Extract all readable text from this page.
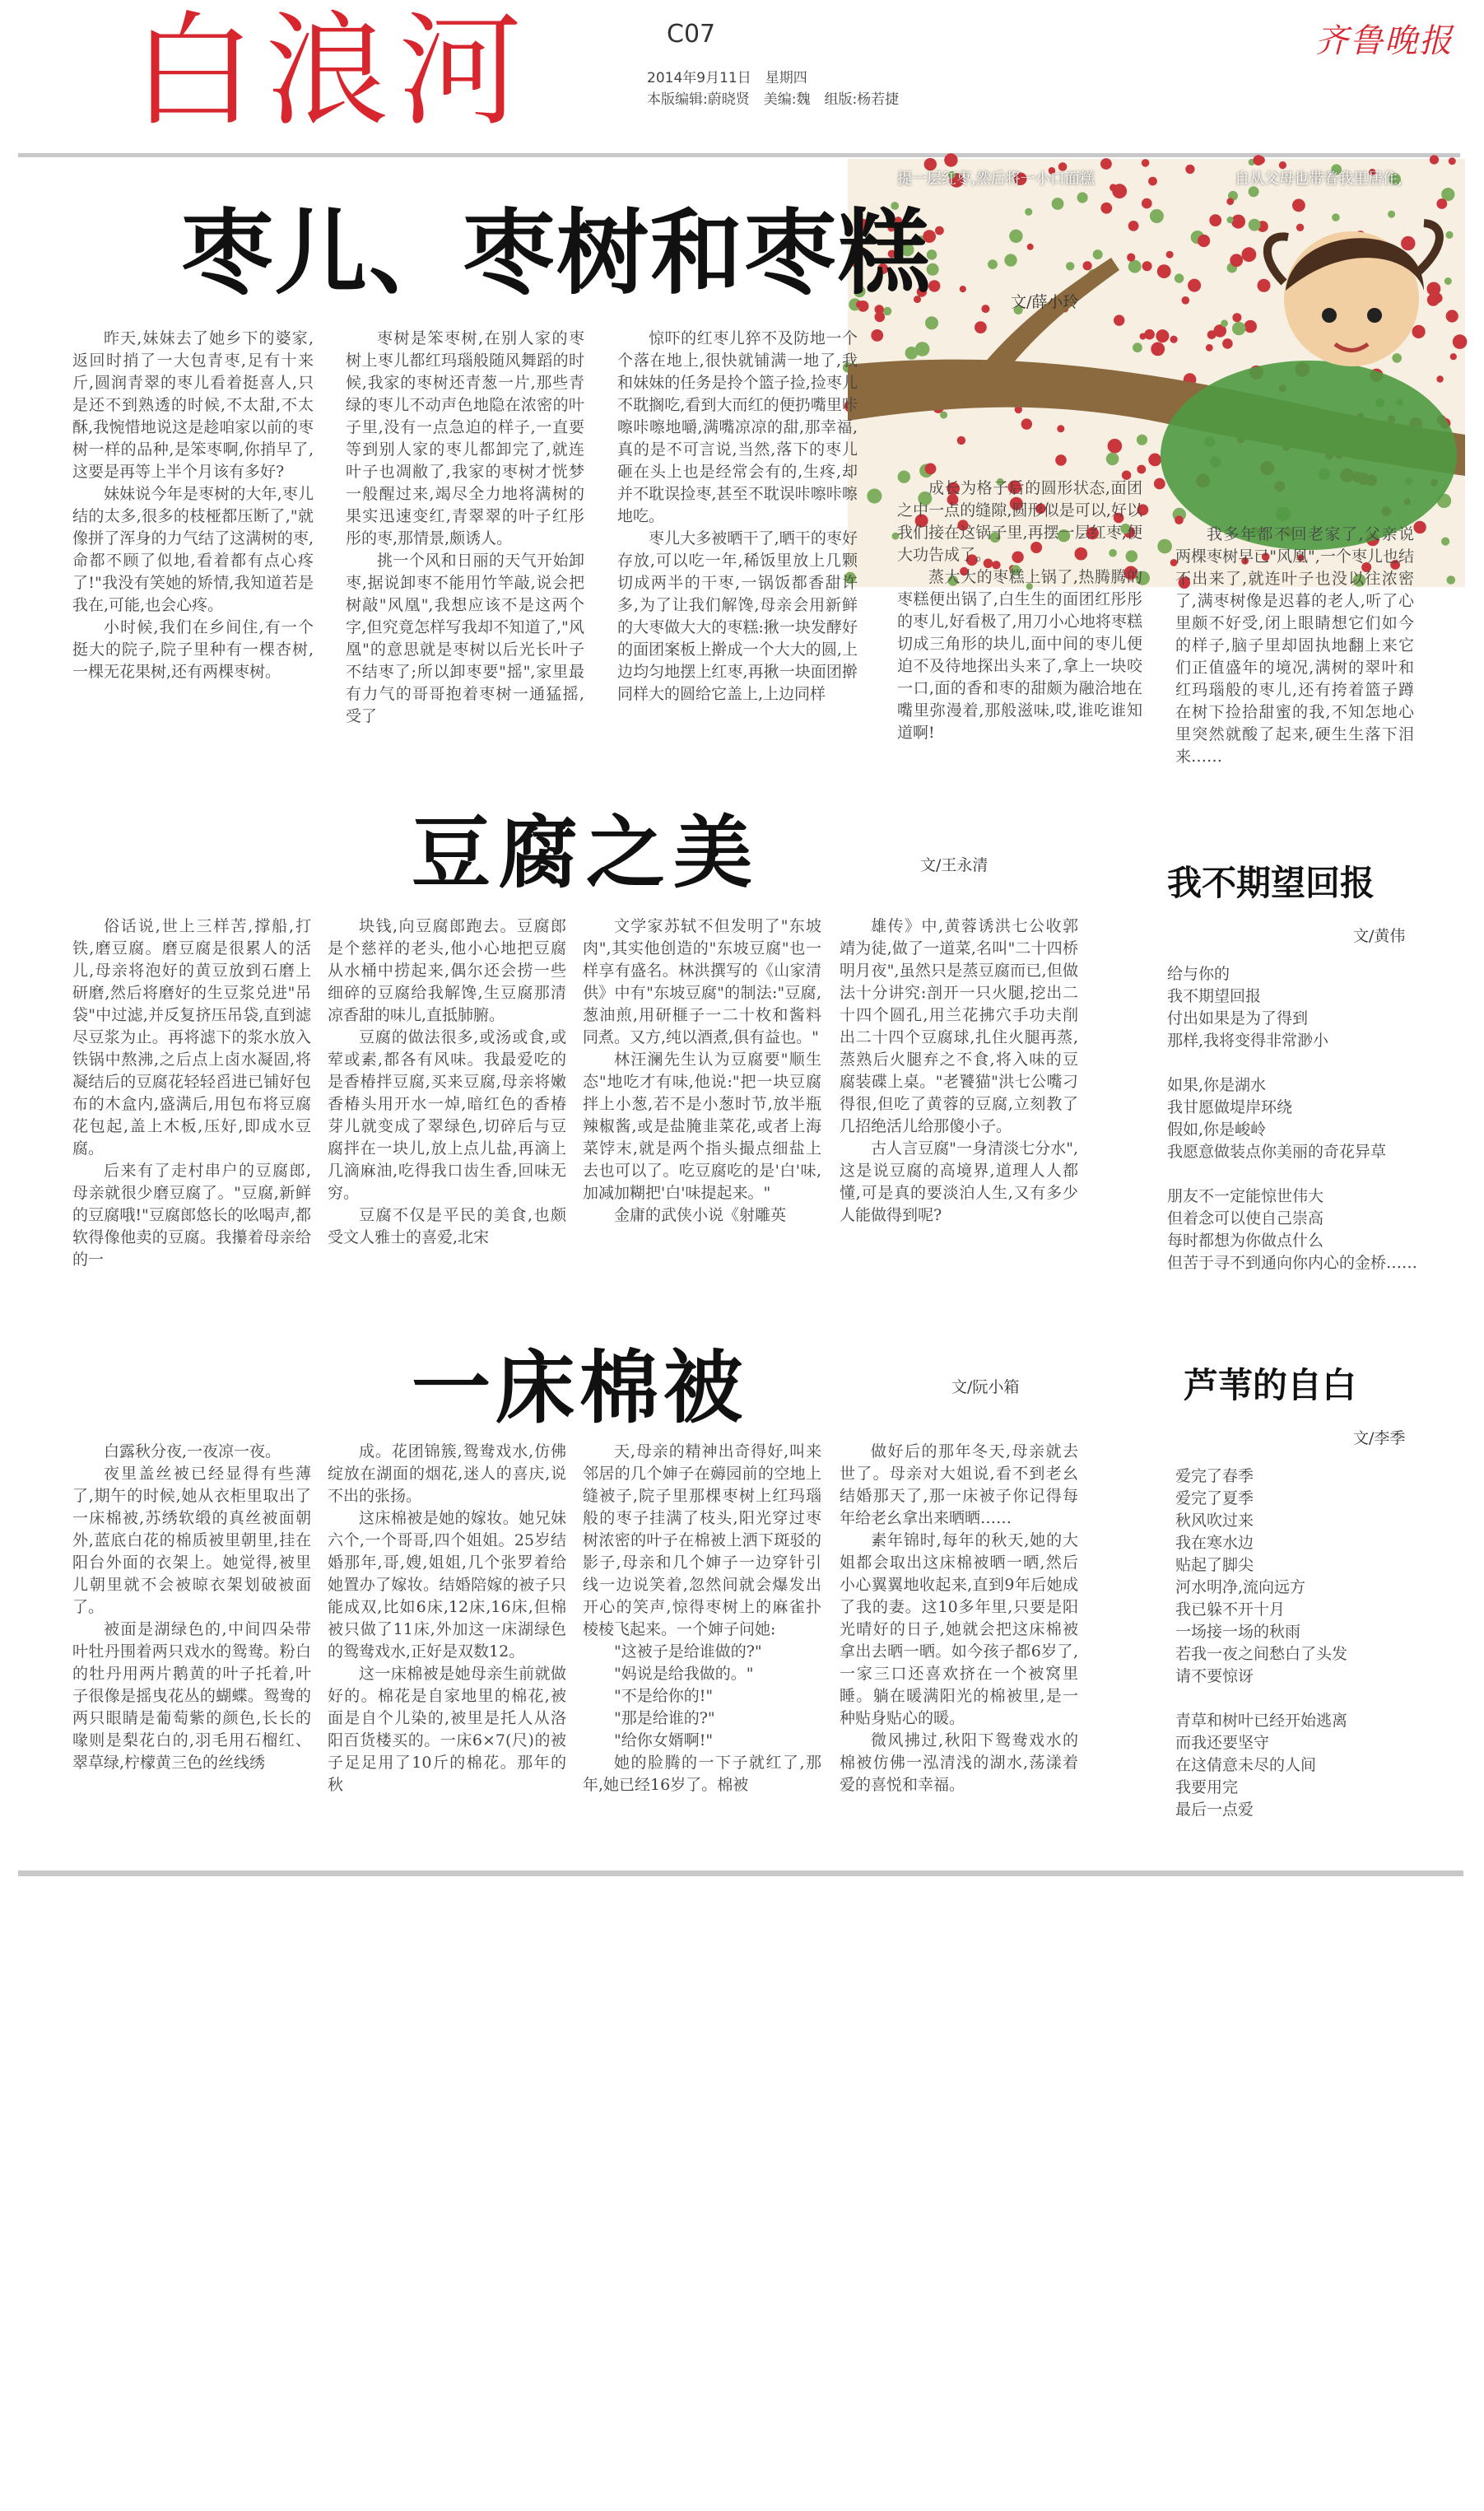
白浪河	C07
2014年9月11日　星期四
本版编辑:蔚晓贤　美编:魏　组版:杨若捷
齐鲁晚报
提一层红枣,然后将一小口面糕	自从父母也带着我里居住,
枣儿、枣树和枣糕	文/薛小玲

昨天,妹妹去了她乡下的婆家,返回时捎了一大包青枣,足有十来斤,圆润青翠的枣儿看着挺喜人,只是还不到熟透的时候,不太甜,不太酥,我惋惜地说这是趁咱家以前的枣树一样的品种,是笨枣啊,你捎早了,这要是再等上半个月该有多好?

妹妹说今年是枣树的大年,枣儿结的太多,很多的枝桠都压断了,"就像拼了浑身的力气结了这满树的枣,命都不顾了似地,看着都有点心疼了!"我没有笑她的矫情,我知道若是我在,可能,也会心疼。

小时候,我们在乡间住,有一个挺大的院子,院子里种有一棵杏树,一棵无花果树,还有两棵枣树。

枣树是笨枣树,在别人家的枣树上枣儿都红玛瑙般随风舞蹈的时候,我家的枣树还青葱一片,那些青绿的枣儿不动声色地隐在浓密的叶子里,没有一点急迫的样子,一直要等到别人家的枣儿都卸完了,就连叶子也凋敝了,我家的枣树才恍梦一般醒过来,竭尽全力地将满树的果实迅速变红,青翠翠的叶子红彤彤的枣,那情景,颇诱人。

挑一个风和日丽的天气开始卸枣,据说卸枣不能用竹竿敲,说会把树敲"风凰",我想应该不是这两个字,但究竟怎样写我却不知道了,"风凰"的意思就是枣树以后光长叶子不结枣了;所以卸枣要"摇",家里最有力气的哥哥抱着枣树一通猛摇,受了

惊吓的红枣儿猝不及防地一个个落在地上,很快就铺满一地了,我和妹妹的任务是拎个篮子捡,捡枣儿不耽搁吃,看到大而红的便扔嘴里咔嚓咔嚓地嚼,满嘴凉凉的甜,那幸福,真的是不可言说,当然,落下的枣儿砸在头上也是经常会有的,生疼,却并不耽误捡枣,甚至不耽误咔嚓咔嚓地吃。

枣儿大多被晒干了,晒干的枣好存放,可以吃一年,稀饭里放上几颗切成两半的干枣,一锅饭都香甜许多,为了让我们解馋,母亲会用新鲜的大枣做大大的枣糕:揪一块发酵好的面团案板上擀成一个大大的圆,上边均匀地摆上红枣,再揪一块面团擀同样大的圆给它盖上,上边同样

成长为格子后的圆形状态,面团之中一点的缝隙,圆形似是可以,好以我们接在这锅子里,再摆一层红枣,便大功告成了。

蒸大大的枣糕上锅了,热腾腾的枣糕便出锅了,白生生的面团红彤彤的枣儿,好看极了,用刀小心地将枣糕切成三角形的块儿,面中间的枣儿便迫不及待地探出头来了,拿上一块咬一口,面的香和枣的甜颇为融洽地在嘴里弥漫着,那般滋味,哎,谁吃谁知道啊!

我多年都不回老家了,父亲说两棵枣树早已"风凰",一个枣儿也结不出来了,就连叶子也没以往浓密了,满枣树像是迟暮的老人,听了心里颇不好受,闭上眼睛想它们如今的样子,脑子里却固执地翻上来它们正值盛年的境况,满树的翠叶和红玛瑙般的枣儿,还有挎着篮子蹲在树下捡拾甜蜜的我,不知怎地心里突然就酸了起来,硬生生落下泪来……

豆腐之美	文/王永清

俗话说,世上三样苦,撑船,打铁,磨豆腐。磨豆腐是很累人的活儿,母亲将泡好的黄豆放到石磨上研磨,然后将磨好的生豆浆兑进"吊袋"中过滤,并反复挤压吊袋,直到滤尽豆浆为止。再将滤下的浆水放入铁锅中熬沸,之后点上卤水凝固,将凝结后的豆腐花轻轻舀进已铺好包布的木盒内,盛满后,用包布将豆腐花包起,盖上木板,压好,即成水豆腐。

后来有了走村串户的豆腐郎,母亲就很少磨豆腐了。"豆腐,新鲜的豆腐哦!"豆腐郎悠长的吆喝声,都软得像他卖的豆腐。我攥着母亲给的一

块钱,向豆腐郎跑去。豆腐郎是个慈祥的老头,他小心地把豆腐从水桶中捞起来,偶尔还会捞一些细碎的豆腐给我解馋,生豆腐那清凉香甜的味儿,直抵肺腑。

豆腐的做法很多,或汤或食,或荤或素,都各有风味。我最爱吃的是香椿拌豆腐,买来豆腐,母亲将嫩香椿头用开水一焯,暗红色的香椿芽儿就变成了翠绿色,切碎后与豆腐拌在一块儿,放上点儿盐,再滴上几滴麻油,吃得我口齿生香,回味无穷。

豆腐不仅是平民的美食,也颇受文人雅士的喜爱,北宋

文学家苏轼不但发明了"东坡肉",其实他创造的"东坡豆腐"也一样享有盛名。林洪撰写的《山家清供》中有"东坡豆腐"的制法:"豆腐,葱油煎,用研榧子一二十枚和酱料同煮。又方,纯以酒煮,俱有益也。"

林汪澜先生认为豆腐要"顺生态"地吃才有味,他说:"把一块豆腐拌上小葱,若不是小葱时节,放半瓶辣椒酱,或是盐腌韭菜花,或者上海菜饽末,就是两个指头撮点细盐上去也可以了。吃豆腐吃的是'白'味,加减加糊把'白'味提起来。"

金庸的武侠小说《射雕英

雄传》中,黄蓉诱洪七公收郭靖为徒,做了一道菜,名叫"二十四桥明月夜",虽然只是蒸豆腐而已,但做法十分讲究:剖开一只火腿,挖出二十四个圆孔,用兰花拂穴手功夫削出二十四个豆腐球,扎住火腿再蒸,蒸熟后火腿弃之不食,将入味的豆腐装碟上桌。"老饕猫"洪七公嘴刁得很,但吃了黄蓉的豆腐,立刻教了几招绝活儿给那傻小子。

古人言豆腐"一身清淡七分水",这是说豆腐的高境界,道理人人都懂,可是真的要淡泊人生,又有多少人能做得到呢?

我不期望回报
文/黄伟
给与你的
我不期望回报
付出如果是为了得到
那样,我将变得非常渺小
如果,你是湖水
我甘愿做堤岸环绕
假如,你是峻岭
我愿意做装点你美丽的奇花异草
朋友不一定能惊世伟大
但着念可以使自己崇高
每时都想为你做点什么
但苦于寻不到通向你内心的金桥……
一床棉被	文/阮小箱

白露秋分夜,一夜凉一夜。

夜里盖丝被已经显得有些薄了,期午的时候,她从衣柜里取出了一床棉被,苏绣软缎的真丝被面朝外,蓝底白花的棉质被里朝里,挂在阳台外面的衣架上。她觉得,被里儿朝里就不会被晾衣架划破被面了。

被面是湖绿色的,中间四朵带叶牡丹围着两只戏水的鸳鸯。粉白的牡丹用两片鹅黄的叶子托着,叶子很像是摇曳花丛的蝴蝶。鸳鸯的两只眼睛是葡萄紫的颜色,长长的喙则是梨花白的,羽毛用石榴红、翠草绿,柠檬黄三色的丝线绣

成。花团锦簇,鸳鸯戏水,仿佛绽放在湖面的烟花,迷人的喜庆,说不出的张扬。

这床棉被是她的嫁妆。她兄妹六个,一个哥哥,四个姐姐。25岁结婚那年,哥,嫂,姐姐,几个张罗着给她置办了嫁妆。结婚陪嫁的被子只能成双,比如6床,12床,16床,但棉被只做了11床,外加这一床湖绿色的鸳鸯戏水,正好是双数12。

这一床棉被是她母亲生前就做好的。棉花是自家地里的棉花,被面是自个儿染的,被里是托人从洛阳百货楼买的。一床6×7(尺)的被子足足用了10斤的棉花。那年的秋

天,母亲的精神出奇得好,叫来邻居的几个婶子在薅园前的空地上缝被子,院子里那棵枣树上红玛瑙般的枣子挂满了枝头,阳光穿过枣树浓密的叶子在棉被上洒下斑驳的影子,母亲和几个婶子一边穿针引线一边说笑着,忽然间就会爆发出开心的笑声,惊得枣树上的麻雀扑棱棱飞起来。一个婶子问她:

"这被子是给谁做的?"

"妈说是给我做的。"

"不是给你的!"

"那是给谁的?"

"给你女婿啊!"

她的脸腾的一下子就红了,那年,她已经16岁了。棉被

做好后的那年冬天,母亲就去世了。母亲对大姐说,看不到老幺结婚那天了,那一床被子你记得每年给老幺拿出来晒晒……

素年锦时,每年的秋天,她的大姐都会取出这床棉被晒一晒,然后小心翼翼地收起来,直到9年后她成了我的妻。这10多年里,只要是阳光晴好的日子,她就会把这床棉被拿出去晒一晒。如今孩子都6岁了,一家三口还喜欢挤在一个被窝里睡。躺在暖满阳光的棉被里,是一种贴身贴心的暖。

微风拂过,秋阳下鸳鸯戏水的棉被仿佛一泓清浅的湖水,荡漾着爱的喜悦和幸福。

芦苇的自白
文/李季
爱完了春季
爱完了夏季
秋风吹过来
我在寒水边
贴起了脚尖
河水明净,流向远方
我已躲不开十月
一场接一场的秋雨
若我一夜之间愁白了头发
请不要惊讶
青草和树叶已经开始逃离
而我还要坚守
在这倩意未尽的人间
我要用完
最后一点爱
